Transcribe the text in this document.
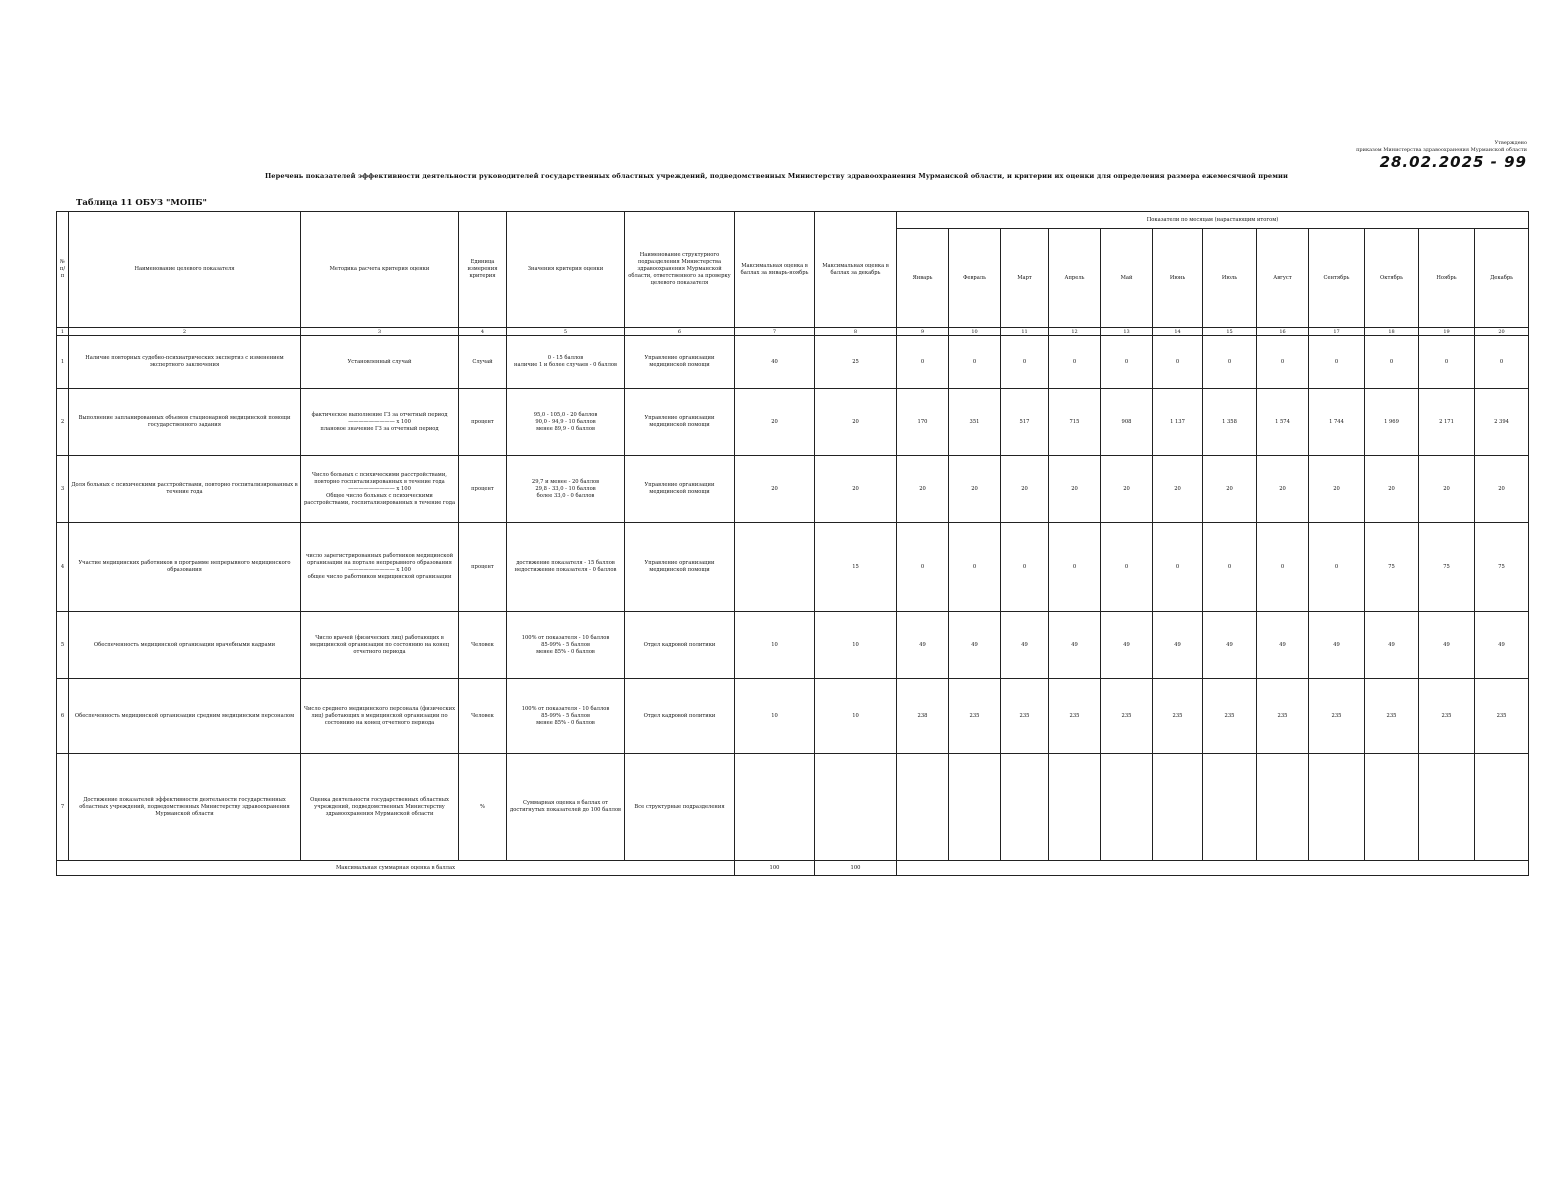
Утверждено
приказом Министерства здравоохранения Мурманской области
28.02.2025 - 99
Перечень показателей эффективности деятельности руководителей государственных областных учреждений, подведомственных Министерству здравоохранения Мурманской области, и критерии их оценки для определения размера ежемесячной премии
Таблица 11 ОБУЗ "МОПБ"
№ п/п	Наименование целевого показателя	Методика расчета критерия оценки	Единица измерения критерия	Значения критерия оценки	Наименование структурного подразделения Министерства здравоохранения Мурманской области, ответственного за проверку целевого показателя	Максимальная оценка в баллах за январь-ноябрь	Максимальная оценка в баллах за декабрь	Показатели по месяцам (нарастающим итогом)											
								Январь	Февраль	Март	Апрель	Май	Июнь	Июль	Август	Сентябрь	Октябрь	Ноябрь	Декабрь
1	2	3	4	5	6	7	8	9	10	11	12	13	14	15	16	17	18	19	20
1	Наличие повторных судебно-психиатрических экспертиз с изменением экспертного заключения	Установленный случай	Случай	0 - 15 баллов
наличие 1 и более случаев - 0 баллов	Управление организации медицинской помощи	40	25	0	0	0	0	0	0	0	0	0	0	0	0
2	Выполнение запланированных объемов стационарной медицинской помощи государственного задания	фактическое выполнение ГЗ за отчетный период
————————— х 100
плановое значение ГЗ за отчетный период	процент	95,0 - 105,0 - 20 баллов
90,0 - 94,9 - 10 баллов
менее 89,9 - 0 баллов	Управление организации медицинской помощи	20	20	170	351	517	715	908	1 137	1 358	1 574	1 744	1 969	2 171	2 394
3	Доля больных с психическими расстройствами, повторно госпитализированных в течение года	Число больных с психическими расстройствами, повторно госпитализированных в течение года
————————— х 100
Общее число больных с психическими расстройствами, госпитализированных в течение года	процент	29,7 и менее - 20 баллов
29,8 - 33,0 - 10 баллов
более 33,0 - 0 баллов	Управление организации медицинской помощи	20	20	20	20	20	20	20	20	20	20	20	20	20	20
4	Участие медицинских работников в программе непрерывного медицинского образования	число зарегистрированных работников медицинской организации на портале непрерывного образования
————————— х 100
общее число работников медицинской организации	процент	достижение показателя - 15 баллов
недостижение показателя - 0 баллов	Управление организации медицинской помощи		15	0	0	0	0	0	0	0	0	0	75	75	75
5	Обеспеченность медицинской организации врачебными кадрами	Число врачей (физических лиц) работающих в медицинской организации по состоянию на конец отчетного периода	Человек	100% от показателя - 10 баллов
85-99% - 5 баллов
менее 85% - 0 баллов	Отдел кадровой политики	10	10	49	49	49	49	49	49	49	49	49	49	49	49
6	Обеспеченность медицинской организации средним медицинским персоналом	Число среднего медицинского персонала (физических лиц) работающих в медицинской организации по состоянию на конец отчетного периода	Человек	100% от показателя - 10 баллов
85-99% - 5 баллов
менее 85% - 0 баллов	Отдел кадровой политики	10	10	238	235	235	235	235	235	235	235	235	235	235	235
7	Достижение показателей эффективности деятельности государственных областных учреждений, подведомственных Министерству здравоохранения Мурманской области	Оценка деятельности государственных областных учреждений, подведомственных Министерству здравоохранения Мурманской области	%	Суммарная оценка в баллах от достигнутых показателей до 100 баллов	Все структурные подразделения														
Максимальная суммарная оценка в баллах						100	100												
